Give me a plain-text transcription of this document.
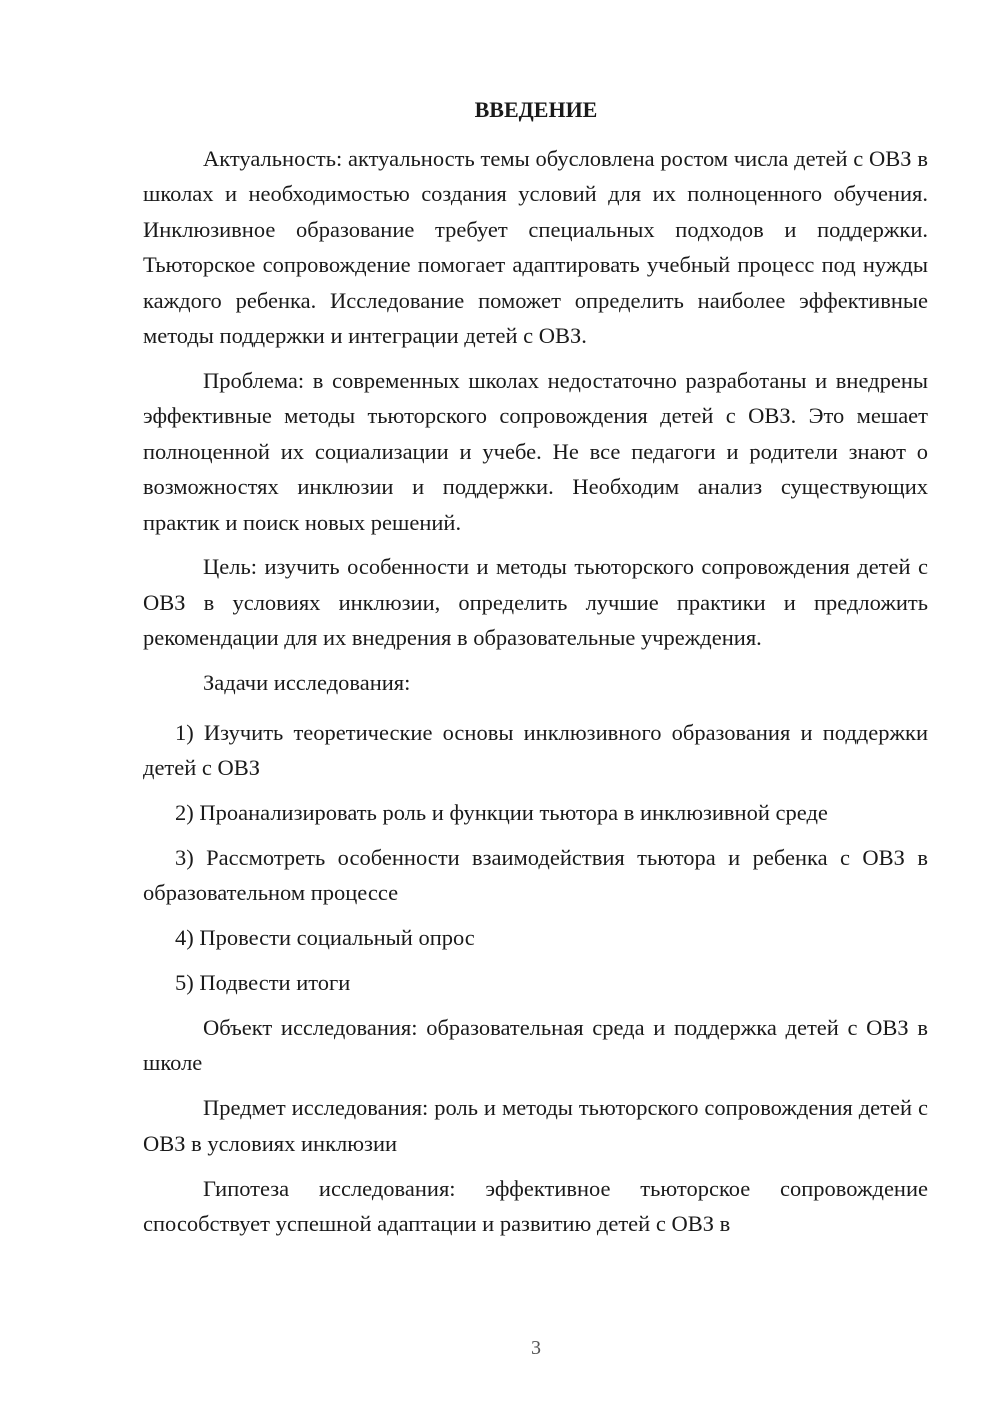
ВВЕДЕНИЕ

Актуальность: актуальность темы обусловлена ростом числа детей с ОВЗ в школах и необходимостью создания условий для их полноценного обучения. Инклюзивное образование требует специальных подходов и поддержки. Тьюторское сопровождение помогает адаптировать учебный процесс под нужды каждого ребенка. Исследование поможет определить наиболее эффективные методы поддержки и интеграции детей с ОВЗ.

Проблема: в современных школах недостаточно разработаны и внедрены эффективные методы тьюторского сопровождения детей с ОВЗ. Это мешает полноценной их социализации и учебе. Не все педагоги и родители знают о возможностях инклюзии и поддержки. Необходим анализ существующих практик и поиск новых решений.

Цель: изучить особенности и методы тьюторского сопровождения детей с ОВЗ в условиях инклюзии, определить лучшие практики и предложить рекомендации для их внедрения в образовательные учреждения.

Задачи исследования:

1) Изучить теоретические основы инклюзивного образования и поддержки детей с ОВЗ

2) Проанализировать роль и функции тьютора в инклюзивной среде

3) Рассмотреть особенности взаимодействия тьютора и ребенка с ОВЗ в образовательном процессе

4) Провести социальный опрос

5) Подвести итоги

Объект исследования: образовательная среда и поддержка детей с ОВЗ в школе

Предмет исследования: роль и методы тьюторского сопровождения детей с ОВЗ в условиях инклюзии

Гипотеза исследования: эффективное тьюторское сопровождение способствует успешной адаптации и развитию детей с ОВЗ в

3
